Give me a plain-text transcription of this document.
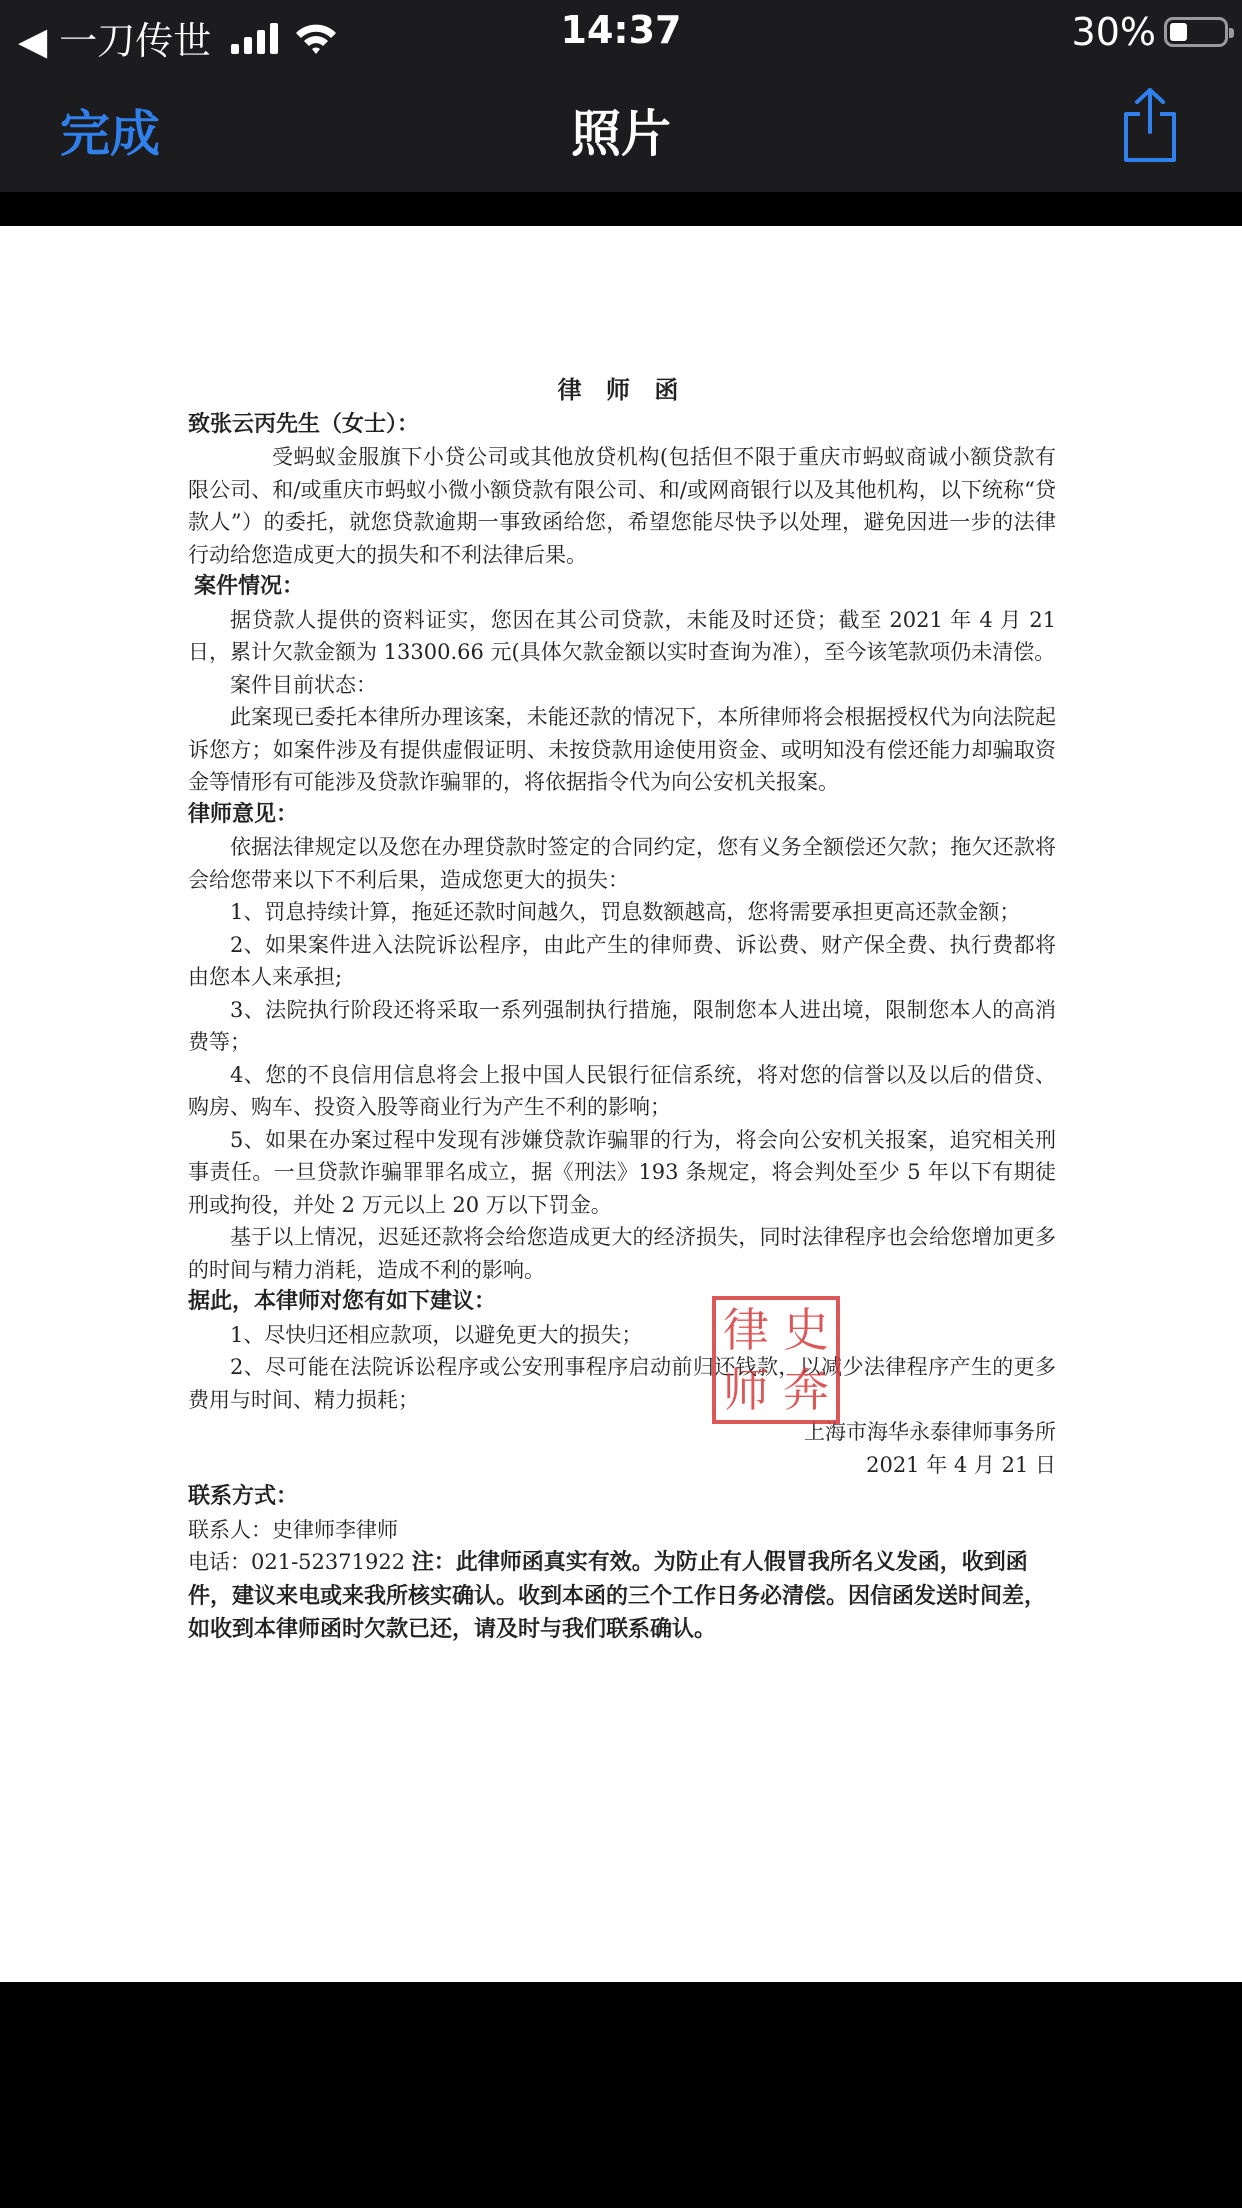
◀ 一刀传世	14:37	30%
完成	照片
律 师 函
致张云丙先生（女士）：

受蚂蚁金服旗下小贷公司或其他放贷机构(包括但不限于重庆市蚂蚁商诚小额贷款有限公司、和/或重庆市蚂蚁小微小额贷款有限公司、和/或网商银行以及其他机构，以下统称“贷款人”）的委托，就您贷款逾期一事致函给您，希望您能尽快予以处理，避免因进一步的法律行动给您造成更大的损失和不利法律后果。

案件情况：

据贷款人提供的资料证实，您因在其公司贷款，未能及时还贷；截至 2021 年 4 月 21 日，累计欠款金额为 13300.66 元(具体欠款金额以实时查询为准），至今该笔款项仍未清偿。

案件目前状态：

此案现已委托本律所办理该案，未能还款的情况下，本所律师将会根据授权代为向法院起诉您方；如案件涉及有提供虚假证明、未按贷款用途使用资金、或明知没有偿还能力却骗取资金等情形有可能涉及贷款诈骗罪的，将依据指令代为向公安机关报案。

律师意见：

依据法律规定以及您在办理贷款时签定的合同约定，您有义务全额偿还欠款；拖欠还款将会给您带来以下不利后果，造成您更大的损失：

1、罚息持续计算，拖延还款时间越久，罚息数额越高，您将需要承担更高还款金额；

2、如果案件进入法院诉讼程序，由此产生的律师费、诉讼费、财产保全费、执行费都将由您本人来承担;

3、法院执行阶段还将采取一系列强制执行措施，限制您本人进出境，限制您本人的高消费等；

4、您的不良信用信息将会上报中国人民银行征信系统，将对您的信誉以及以后的借贷、购房、购车、投资入股等商业行为产生不利的影响；

5、如果在办案过程中发现有涉嫌贷款诈骗罪的行为，将会向公安机关报案，追究相关刑事责任。一旦贷款诈骗罪罪名成立，据《刑法》193 条规定，将会判处至少 5 年以下有期徒刑或拘役，并处 2 万元以上 20 万以下罚金。

基于以上情况，迟延还款将会给您造成更大的经济损失，同时法律程序也会给您增加更多的时间与精力消耗，造成不利的影响。

据此，本律师对您有如下建议：

1、尽快归还相应款项，以避免更大的损失；

2、尽可能在法院诉讼程序或公安刑事程序启动前归还钱款，以减少法律程序产生的更多费用与时间、精力损耗；

上海市海华永泰律师事务所
2021 年 4 月 21 日
联系方式：
联系人：史律师李律师
电话：021-52371922 注：此律师函真实有效。为防止有人假冒我所名义发函，收到函件，建议来电或来我所核实确认。收到本函的三个工作日务必清偿。因信函发送时间差，如收到本律师函时欠款已还，请及时与我们联系确认。
律 史
师 奔
